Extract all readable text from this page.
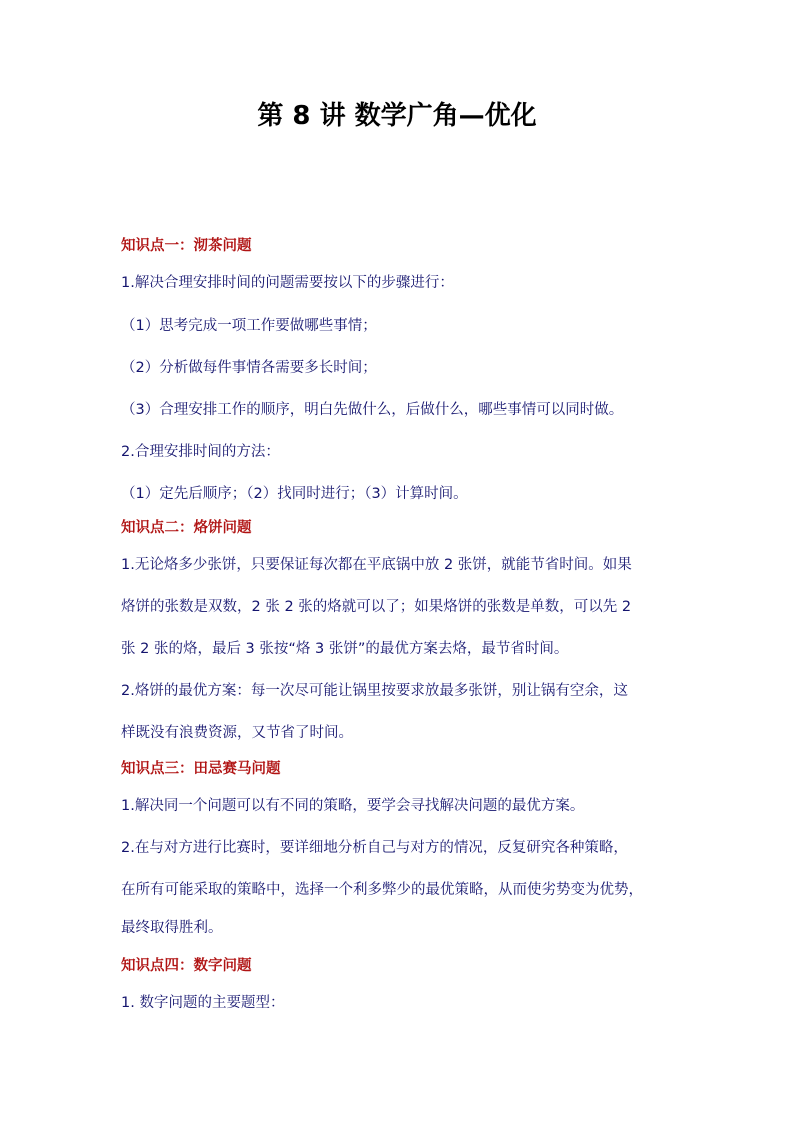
第 8 讲 数学广角—优化
知识点一：沏茶问题
1.解决合理安排时间的问题需要按以下的步骤进行：
（1）思考完成一项工作要做哪些事情；
（2）分析做每件事情各需要多长时间；
（3）合理安排工作的顺序，明白先做什么，后做什么，哪些事情可以同时做。
2.合理安排时间的方法：
（1）定先后顺序；（2）找同时进行；（3）计算时间。
知识点二：烙饼问题
1.无论烙多少张饼，只要保证每次都在平底锅中放 2 张饼，就能节省时间。如果
烙饼的张数是双数，2 张 2 张的烙就可以了；如果烙饼的张数是单数，可以先 2
张 2 张的烙，最后 3 张按“烙 3 张饼”的最优方案去烙，最节省时间。
2.烙饼的最优方案：每一次尽可能让锅里按要求放最多张饼，别让锅有空余，这
样既没有浪费资源，又节省了时间。
知识点三：田忌赛马问题
1.解决同一个问题可以有不同的策略，要学会寻找解决问题的最优方案。
2.在与对方进行比赛时，要详细地分析自己与对方的情况，反复研究各种策略，
在所有可能采取的策略中，选择一个利多弊少的最优策略，从而使劣势变为优势，
最终取得胜利。
知识点四：数字问题
1. 数字问题的主要题型：
